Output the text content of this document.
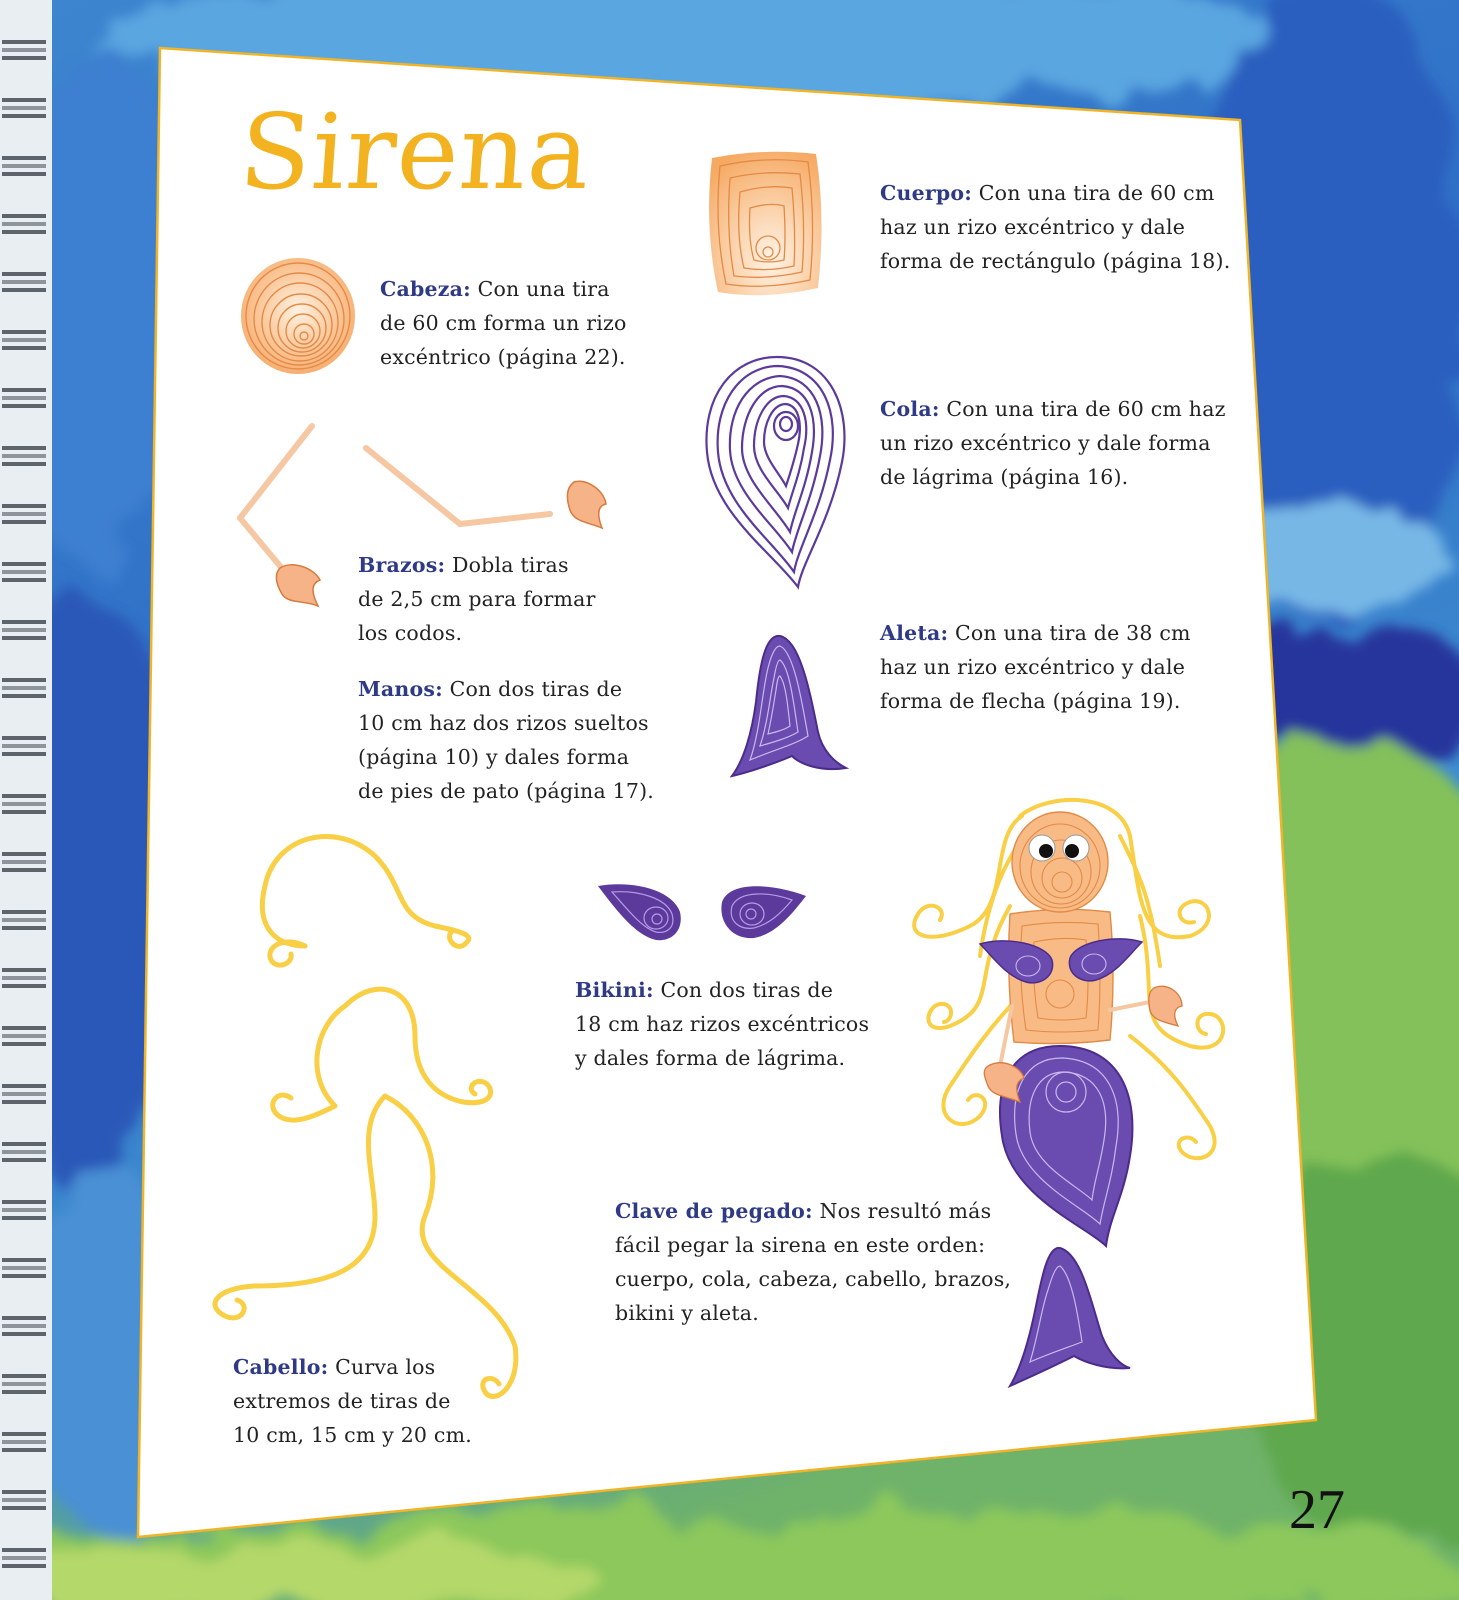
Sirena
Cabeza: Con una tira
de 60 cm forma un rizo
excéntrico (página 22).
Cuerpo: Con una tira de 60 cm
haz un rizo excéntrico y dale
forma de rectángulo (página 18).
Cola: Con una tira de 60 cm haz
un rizo excéntrico y dale forma
de lágrima (página 16).
Brazos: Dobla tiras
de 2,5 cm para formar
los codos.	Aleta: Con una tira de 38 cm
haz un rizo excéntrico y dale
forma de flecha (página 19).
Manos: Con dos tiras de
10 cm haz dos rizos sueltos
(página 10) y dales forma
de pies de pato (página 17).
Bikini: Con dos tiras de
18 cm haz rizos excéntricos
y dales forma de lágrima.
Clave de pegado: Nos resultó más
fácil pegar la sirena en este orden:
cuerpo, cola, cabeza, cabello, brazos,
bikini y aleta.
Cabello: Curva los
extremos de tiras de
10 cm, 15 cm y 20 cm.
27
